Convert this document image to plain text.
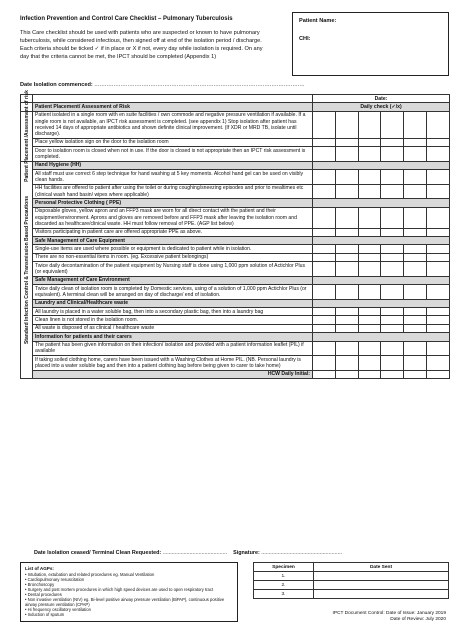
Infection Prevention and Control Care Checklist – Pulmonary Tuberculosis
This Care checklist should be used with patients who are suspected or known to have pulmonary tuberculosis, while considered infectious, then signed off at end of the isolation period / discharge. Each criteria should be ticked ✓ if in place or X if not, every day while isolation is required. On any day that the criteria cannot be met, the IPCT should be completed (Appendix 1)
Patient Name:
CHI:
Date Isolation commenced: ........................................................................................................................
		Date:					
	Patient Placement/ Assessment of Risk	Daily check (✓/x)					

Patient Placement /Assessment of risk	Patient isolated in a single room with en suite facilities / own commode and negative pressure ventilation if available. If a single room is not available, an IPCT risk assessment is completed. (see appendix 1) Stop isolation after patient has received 14 days of appropriate antibiotics and shown definite clinical improvement. (If XDR or MRD TB, isolate until discharge).						
	Place yellow isolation sign on the door to the isolation room						
	Door to isolation room is closed when not in use. If the door is closed is not appropriate then an IPCT risk assessment is completed.						

Standard Infection Control & Transmission Based Precautions	Hand Hygiene (HH)						
	All staff must use correct 6 step technique for hand washing at 5 key moments. Alcohol hand gel can be used on visibly clean hands.						
	HH facilities are offered to patient after using the toilet or during coughing/sneezing episodes and prior to mealtimes etc (clinical wash hand basin/ wipes where applicable)						
	Personal Protective Clothing ( PPE)						
	Disposable gloves, yellow apron and an FFP3 mask are worn for all direct contact with the patient and their equipment/environment. Aprons and gloves are removed before and FFP3 mask after leaving the isolation room and discarded as healthcare/clinical waste. HH must follow removal of PPE. (AGP list below)						
	Visitors participating in patient care are offered appropriate PPE as above.						
	Safe Management of Care Equipment						
	Single-use items are used where possible or equipment is dedicated to patient while in isolation.						
	There are no non-essential items in room. (eg. Excessive patient belongings)						
	Twice daily decontamination of the patient equipment by Nursing staff is done using 1,000 ppm solution of Actichlor Plus (or equivalent)						
	Safe Management of Care Environment						
	Twice daily clean of isolation room is completed by Domestic services, using of a solution of 1,000 ppm Actichlor Plus (or equivalent). A terminal clean will be arranged on day of discharge/ end of isolation.						
	Laundry and Clinical/Healthcare waste						
	All laundry is placed in a water soluble bag, then into a secondary plastic bag, then into a laundry bag						
	Clean linen is not stored in the isolation room.						
	All waste is disposed of as clinical / healthcare waste						
	Information for patients and their carers						
	The patient has been given information on their infection/ isolation and provided with a patient information leaflet (PIL) if available						
	If taking soiled clothing home, carers have been issued with a Washing Clothes at Home PIL. (NB. Personal laundry is placed into a water soluble bag and then into a patient clothing bag before being given to carer to take home)						
	HCW Daily Initial:						
Date Isolation ceased/ Terminal Clean Requested: ........................................... Signature: ......................................................
List of AGPs:
• Intubation, extubation and related procedures eg. Manual Ventilation
• Cardiopulmonary resuscitation
• Bronchoscopy
• Surgery and post mortem procedures in which high speed devices are used to open respiratory tract
• Dental procedures
• Non invasive ventilation (NIV) eg. Bi-level positive airway pressure ventilation (BiPAP), continuous positive airway pressure ventilation (CPAP)
• Hi frequency oscillatory ventilation
• Induction of sputum
Specimen	Date Sent
1.	
2.	
3.	
IPCT Document Control: Date of Issue: January 2019
Date of Review: July 2020
